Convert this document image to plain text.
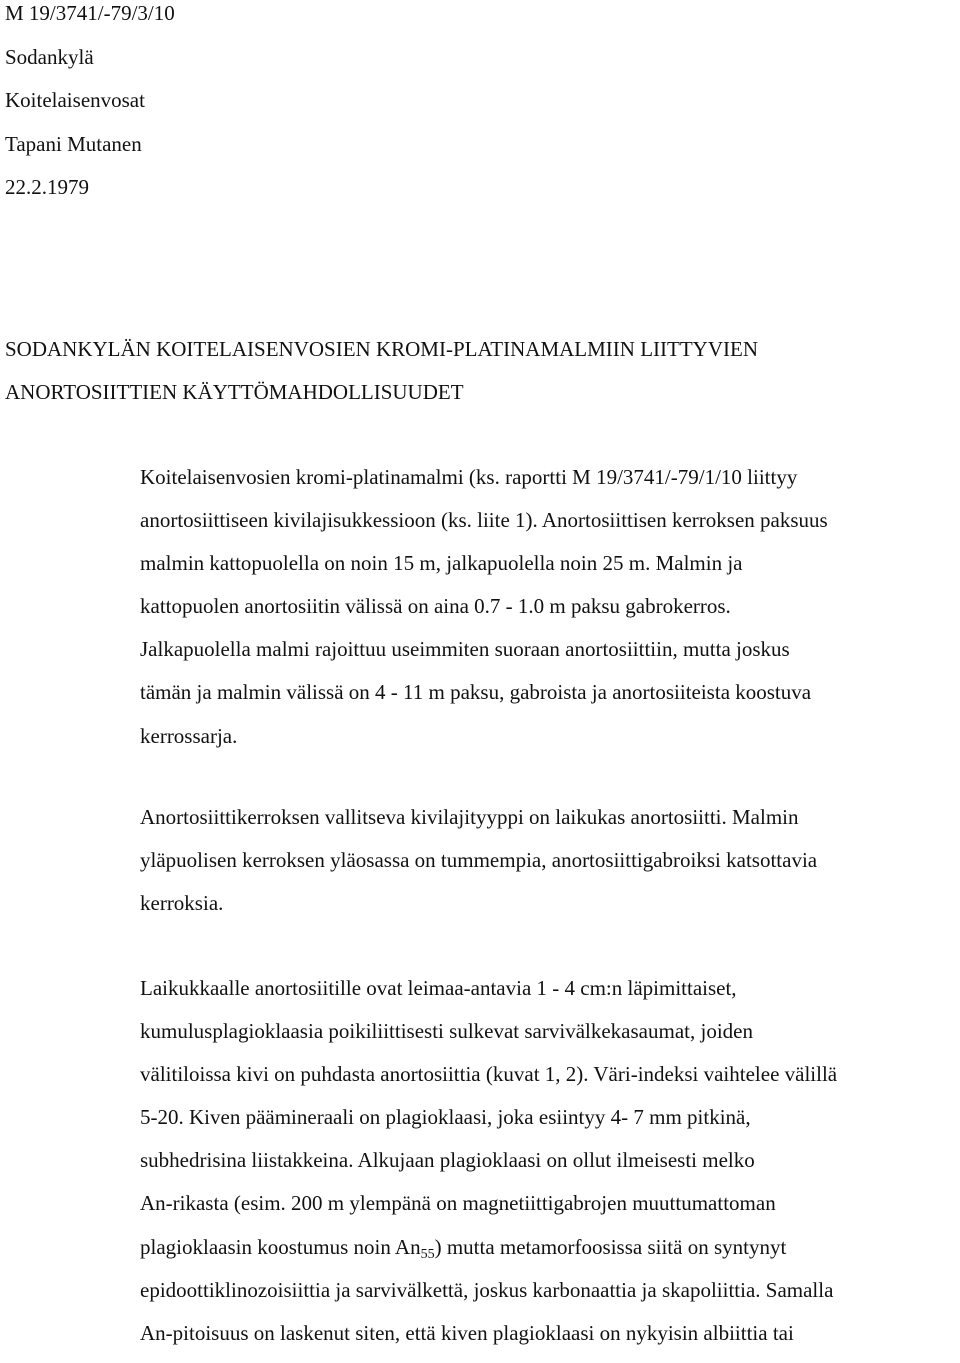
M 19/3741/-79/3/10
Sodankylä
Koitelaisenvosat
Tapani Mutanen
22.2.1979
SODANKYLÄN KOITELAISENVOSIEN KROMI-PLATINAMALMIIN LIITTYVIEN
ANORTOSIITTIEN KÄYTTÖMAHDOLLISUUDET
Koitelaisenvosien kromi-platinamalmi (ks. raportti M 19/3741/-79/1/10 liittyy
anortosiittiseen kivilajisukkessioon (ks. liite 1). Anortosiittisen kerroksen paksuus
malmin kattopuolella on noin 15 m, jalkapuolella noin 25 m. Malmin ja
kattopuolen anortosiitin välissä on aina 0.7 - 1.0 m paksu gabrokerros.
Jalkapuolella malmi rajoittuu useimmiten suoraan anortosiittiin, mutta joskus
tämän ja malmin välissä on 4 - 11 m paksu, gabroista ja anortosiiteista koostuva
kerrossarja.
Anortosiittikerroksen vallitseva kivilajityyppi on laikukas anortosiitti. Malmin
yläpuolisen kerroksen yläosassa on tummempia, anortosiittigabroiksi katsottavia
kerroksia.
Laikukkaalle anortosiitille ovat leimaa-antavia 1 - 4 cm:n läpimittaiset,
kumulusplagioklaasia poikiliittisesti sulkevat sarvivälkekasaumat, joiden
välitiloissa kivi on puhdasta anortosiittia (kuvat 1, 2). Väri-indeksi vaihtelee välillä
5-20. Kiven päämineraali on plagioklaasi, joka esiintyy 4- 7 mm pitkinä,
subhedrisina liistakkeina. Alkujaan plagioklaasi on ollut ilmeisesti melko
An-rikasta (esim. 200 m ylempänä on magnetiittigabrojen muuttumattoman
plagioklaasin koostumus noin $An_{55}$) mutta metamorfoosissa siitä on syntynyt
epidoottiklinozoisiittia ja sarvivälkettä, joskus karbonaattia ja skapoliittia. Samalla
An-pitoisuus on laskenut siten, että kiven plagioklaasi on nykyisin albiittia tai
